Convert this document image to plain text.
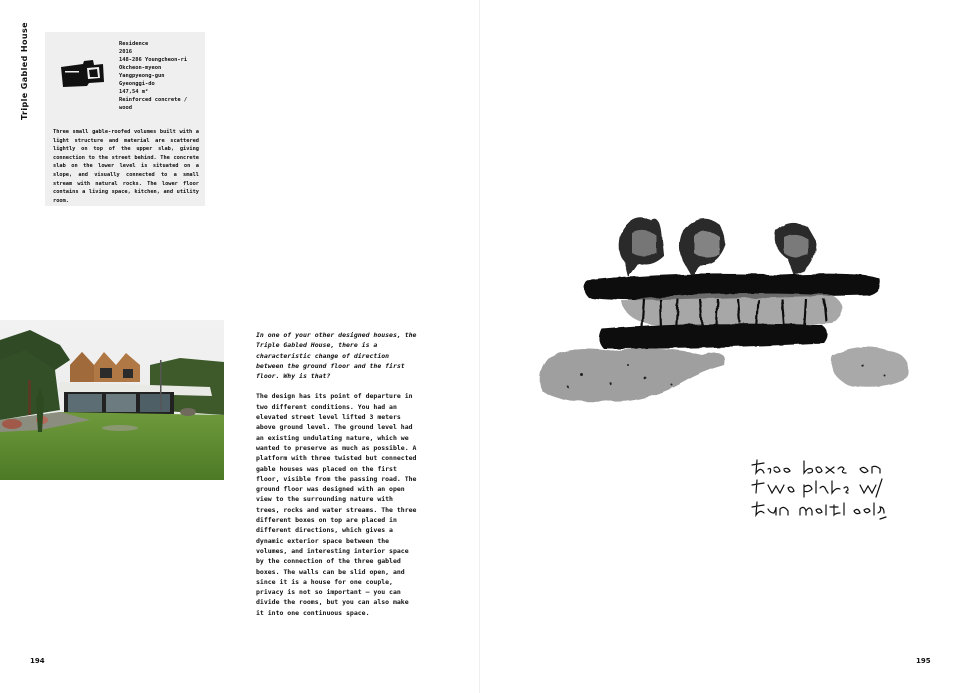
Triple Gabled House	Residence
2016
148-286 Youngcheon-ri
Okcheon-myeon
Yangpyeong-gun
Gyeonggi-do
147,54 m²
Reinforced concrete / wood
Three small gable-roofed volumes built with a light structure and material are scattered lightly on top of the upper slab, giving connection to the street behind. The concrete slab on the lower level is situated on a slope, and visually connected to a small stream with natural rocks. The lower floor contains a living space, kitchen, and utility room.

In one of your other designed houses, the Triple Gabled House, there is a characteristic change of direction between the ground floor and the first floor. Why is that?

The design has its point of departure in two different conditions. You had an elevated street level lifted 3 meters above ground level. The ground level had an existing undulating nature, which we wanted to preserve as much as possible. A platform with three twisted but connected gable houses was placed on the first floor, visible from the passing road. The ground floor was designed with an open view to the surrounding nature with trees, rocks and water streams. The three different boxes on top are placed in different directions, which gives a dynamic exterior space between the volumes, and interesting interior space by the connection of the three gabled boxes. The walls can be slid open, and since it is a house for one couple, privacy is not so important – you can divide the rooms, but you can also make it into one continuous space.

194	195
